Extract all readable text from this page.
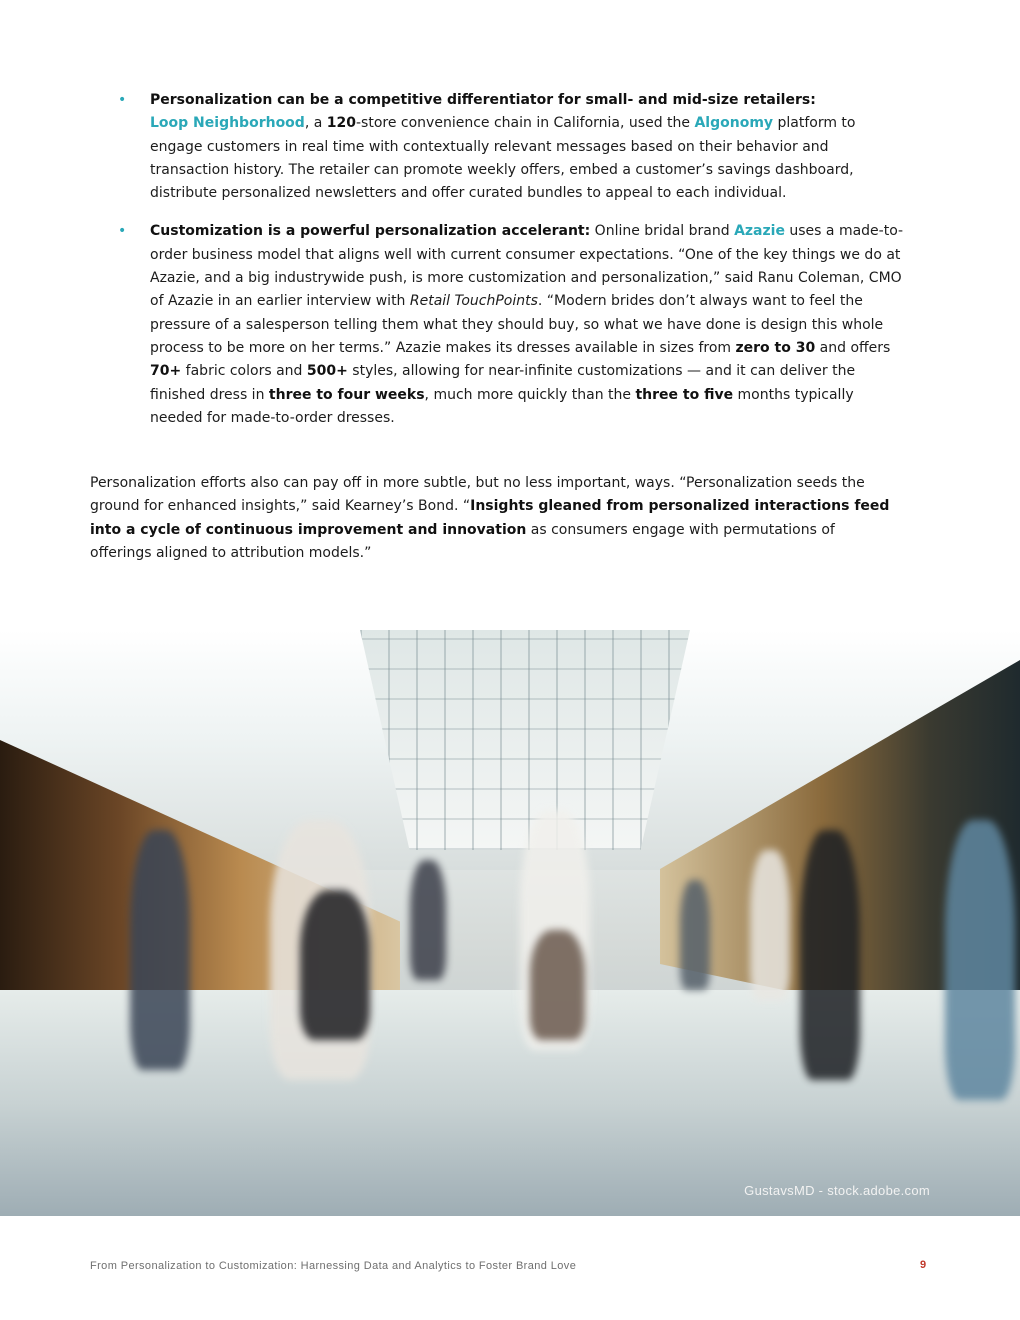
• Personalization can be a competitive differentiator for small- and mid-size retailers:
Loop Neighborhood, a 120-store convenience chain in California, used the Algonomy platform to engage customers in real time with contextually relevant messages based on their behavior and transaction history. The retailer can promote weekly offers, embed a customer’s savings dashboard, distribute personalized newsletters and offer curated bundles to appeal to each individual.
• Customization is a powerful personalization accelerant: Online bridal brand Azazie uses a made-to-order business model that aligns well with current consumer expectations. “One of the key things we do at Azazie, and a big industrywide push, is more customization and personalization,” said Ranu Coleman, CMO of Azazie in an earlier interview with Retail TouchPoints. “Modern brides don’t always want to feel the pressure of a salesperson telling them what they should buy, so what we have done is design this whole process to be more on her terms.” Azazie makes its dresses available in sizes from zero to 30 and offers 70+ fabric colors and 500+ styles, allowing for near-infinite customizations — and it can deliver the finished dress in three to four weeks, much more quickly than the three to five months typically needed for made-to-order dresses.

Personalization efforts also can pay off in more subtle, but no less important, ways. “Personalization seeds the ground for enhanced insights,” said Kearney’s Bond. “Insights gleaned from personalized interactions feed into a cycle of continuous improvement and innovation as consumers engage with permutations of offerings aligned to attribution models.”

GustavsMD - stock.adobe.com
From Personalization to Customization: Harnessing Data and Analytics to Foster Brand Love	9
